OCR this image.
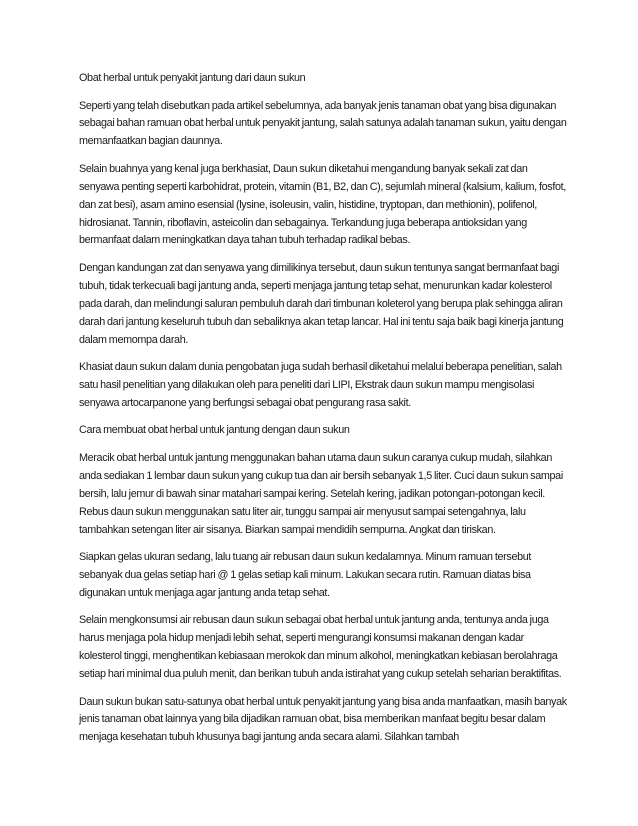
Obat herbal untuk penyakit jantung dari daun sukun

Seperti yang telah disebutkan pada artikel sebelumnya, ada banyak jenis tanaman obat yang bisa digunakan sebagai bahan ramuan obat herbal untuk penyakit jantung, salah satunya adalah tanaman sukun, yaitu dengan memanfaatkan bagian daunnya.

Selain buahnya yang kenal juga berkhasiat, Daun sukun diketahui mengandung banyak sekali zat dan senyawa penting seperti karbohidrat, protein, vitamin (B1, B2, dan C), sejumlah mineral (kalsium, kalium, fosfot, dan zat besi), asam amino esensial (lysine, isoleusin, valin, histidine, tryptopan, dan methionin), polifenol, hidrosianat. Tannin, riboflavin, asteicolin dan sebagainya. Terkandung juga beberapa antioksidan yang bermanfaat dalam meningkatkan daya tahan tubuh terhadap radikal bebas.

Dengan kandungan zat dan senyawa yang dimilikinya tersebut, daun sukun tentunya sangat bermanfaat bagi tubuh, tidak terkecuali bagi jantung anda, seperti menjaga jantung tetap sehat, menurunkan kadar kolesterol pada darah, dan melindungi saluran pembuluh darah dari timbunan koleterol yang berupa plak sehingga aliran darah dari jantung keseluruh tubuh dan sebaliknya akan tetap lancar. Hal ini tentu saja baik bagi kinerja jantung dalam memompa darah.

Khasiat daun sukun dalam dunia pengobatan juga sudah berhasil diketahui melalui beberapa penelitian, salah satu hasil penelitian yang dilakukan oleh para peneliti dari LIPI, Ekstrak daun sukun mampu mengisolasi senyawa artocarpanone yang berfungsi sebagai obat pengurang rasa sakit.

Cara membuat obat herbal untuk jantung dengan daun sukun

Meracik obat herbal untuk jantung menggunakan bahan utama daun sukun caranya cukup mudah, silahkan anda sediakan 1 lembar daun sukun yang cukup tua dan air bersih sebanyak 1,5 liter. Cuci daun sukun sampai bersih, lalu jemur di bawah sinar matahari sampai kering. Setelah kering, jadikan potongan-potongan kecil. Rebus daun sukun menggunakan satu liter air, tunggu sampai air menyusut sampai setengahnya, lalu tambahkan setengan liter air sisanya. Biarkan sampai mendidih sempurna. Angkat dan tiriskan.

Siapkan gelas ukuran sedang, lalu tuang air rebusan daun sukun kedalamnya. Minum ramuan tersebut sebanyak dua gelas setiap hari @ 1 gelas setiap kali minum. Lakukan secara rutin. Ramuan diatas bisa digunakan untuk menjaga agar jantung anda tetap sehat.

Selain mengkonsumsi air rebusan daun sukun sebagai obat herbal untuk jantung anda, tentunya anda juga harus menjaga pola hidup menjadi lebih sehat, seperti mengurangi konsumsi makanan dengan kadar kolesterol tinggi, menghentikan kebiasaan merokok dan minum alkohol, meningkatkan kebiasan berolahraga setiap hari minimal dua puluh menit, dan berikan tubuh anda istirahat yang cukup setelah seharian beraktifitas.

Daun sukun bukan satu-satunya obat herbal untuk penyakit jantung yang bisa anda manfaatkan, masih banyak jenis tanaman obat lainnya yang bila dijadikan ramuan obat, bisa memberikan manfaat begitu besar dalam menjaga kesehatan tubuh khusunya bagi jantung anda secara alami. Silahkan tambah
